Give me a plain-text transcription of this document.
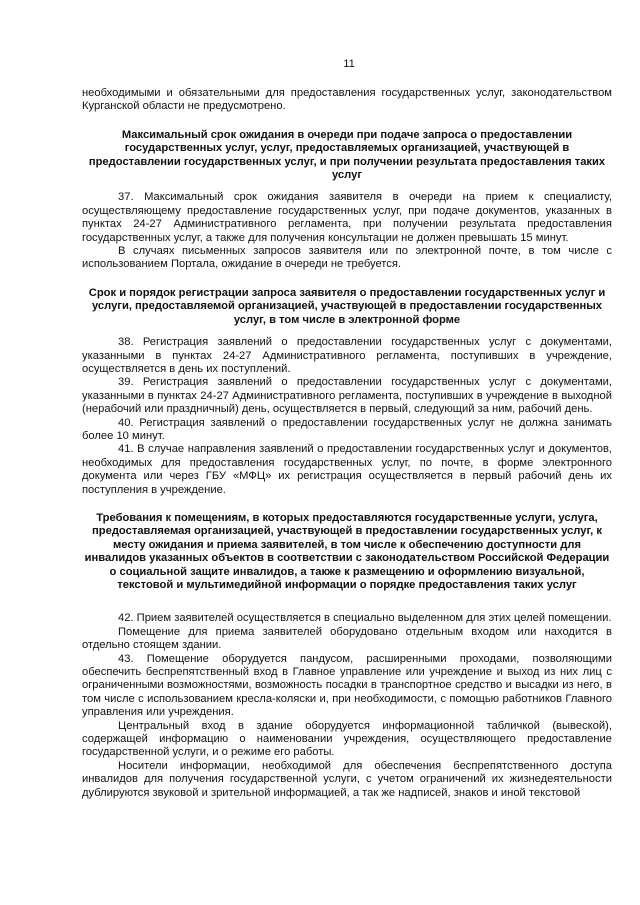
11

необходимыми и обязательными для предоставления государственных услуг, законодательством Курганской области не предусмотрено.

Максимальный срок ожидания в очереди при подаче запроса о предоставлении государственных услуг, услуг, предоставляемых организацией, участвующей в предоставлении государственных услуг, и при получении результата предоставления таких услуг

37. Максимальный срок ожидания заявителя в очереди на прием к специалисту, осуществляющему предоставление государственных услуг, при подаче документов, указанных в пунктах 24-27 Административного регламента, при получении результата предоставления государственных услуг, а также для получения консультации не должен превышать 15 минут.

В случаях письменных запросов заявителя или по электронной почте, в том числе с использованием Портала, ожидание в очереди не требуется.

Срок и порядок регистрации запроса заявителя о предоставлении государственных услуг и услуги, предоставляемой организацией, участвующей в предоставлении государственных услуг, в том числе в электронной форме

38. Регистрация заявлений о предоставлении государственных услуг с документами, указанными в пунктах 24-27 Административного регламента, поступивших в учреждение, осуществляется в день их поступлений.

39. Регистрация заявлений о предоставлении государственных услуг с документами, указанными в пунктах 24-27 Административного регламента, поступивших в учреждение в выходной (нерабочий или праздничный) день, осуществляется в первый, следующий за ним, рабочий день.

40. Регистрация заявлений о предоставлении государственных услуг не должна занимать более 10 минут.

41. В случае направления заявлений о предоставлении государственных услуг и документов, необходимых для предоставления государственных услуг, по почте, в форме электронного документа или через ГБУ «МФЦ» их регистрация осуществляется в первый рабочий день их поступления в учреждение.

Требования к помещениям, в которых предоставляются государственные услуги, услуга, предоставляемая организацией, участвующей в предоставлении государственных услуг, к месту ожидания и приема заявителей, в том числе к обеспечению доступности для инвалидов указанных объектов в соответствии с законодательством Российской Федерации о социальной защите инвалидов, а также к размещению и оформлению визуальной, текстовой и мультимедийной информации о порядке предоставления таких услуг

42. Прием заявителей осуществляется в специально выделенном для этих целей помещении.

Помещение для приема заявителей оборудовано отдельным входом или находится в отдельно стоящем здании.

43. Помещение оборудуется пандусом, расширенными проходами, позволяющими обеспечить беспрепятственный вход в Главное управление или учреждение и выход из них лиц с ограниченными возможностями, возможность посадки в транспортное средство и высадки из него, в том числе с использованием кресла-коляски и, при необходимости, с помощью работников Главного управления или учреждения.

Центральный вход в здание оборудуется информационной табличкой (вывеской), содержащей информацию о наименовании учреждения, осуществляющего предоставление государственной услуги, и о режиме его работы.

Носители информации, необходимой для обеспечения беспрепятственного доступа инвалидов для получения государственной услуги, с учетом ограничений их жизнедеятельности дублируются звуковой и зрительной информацией, а так же надписей, знаков и иной текстовой
